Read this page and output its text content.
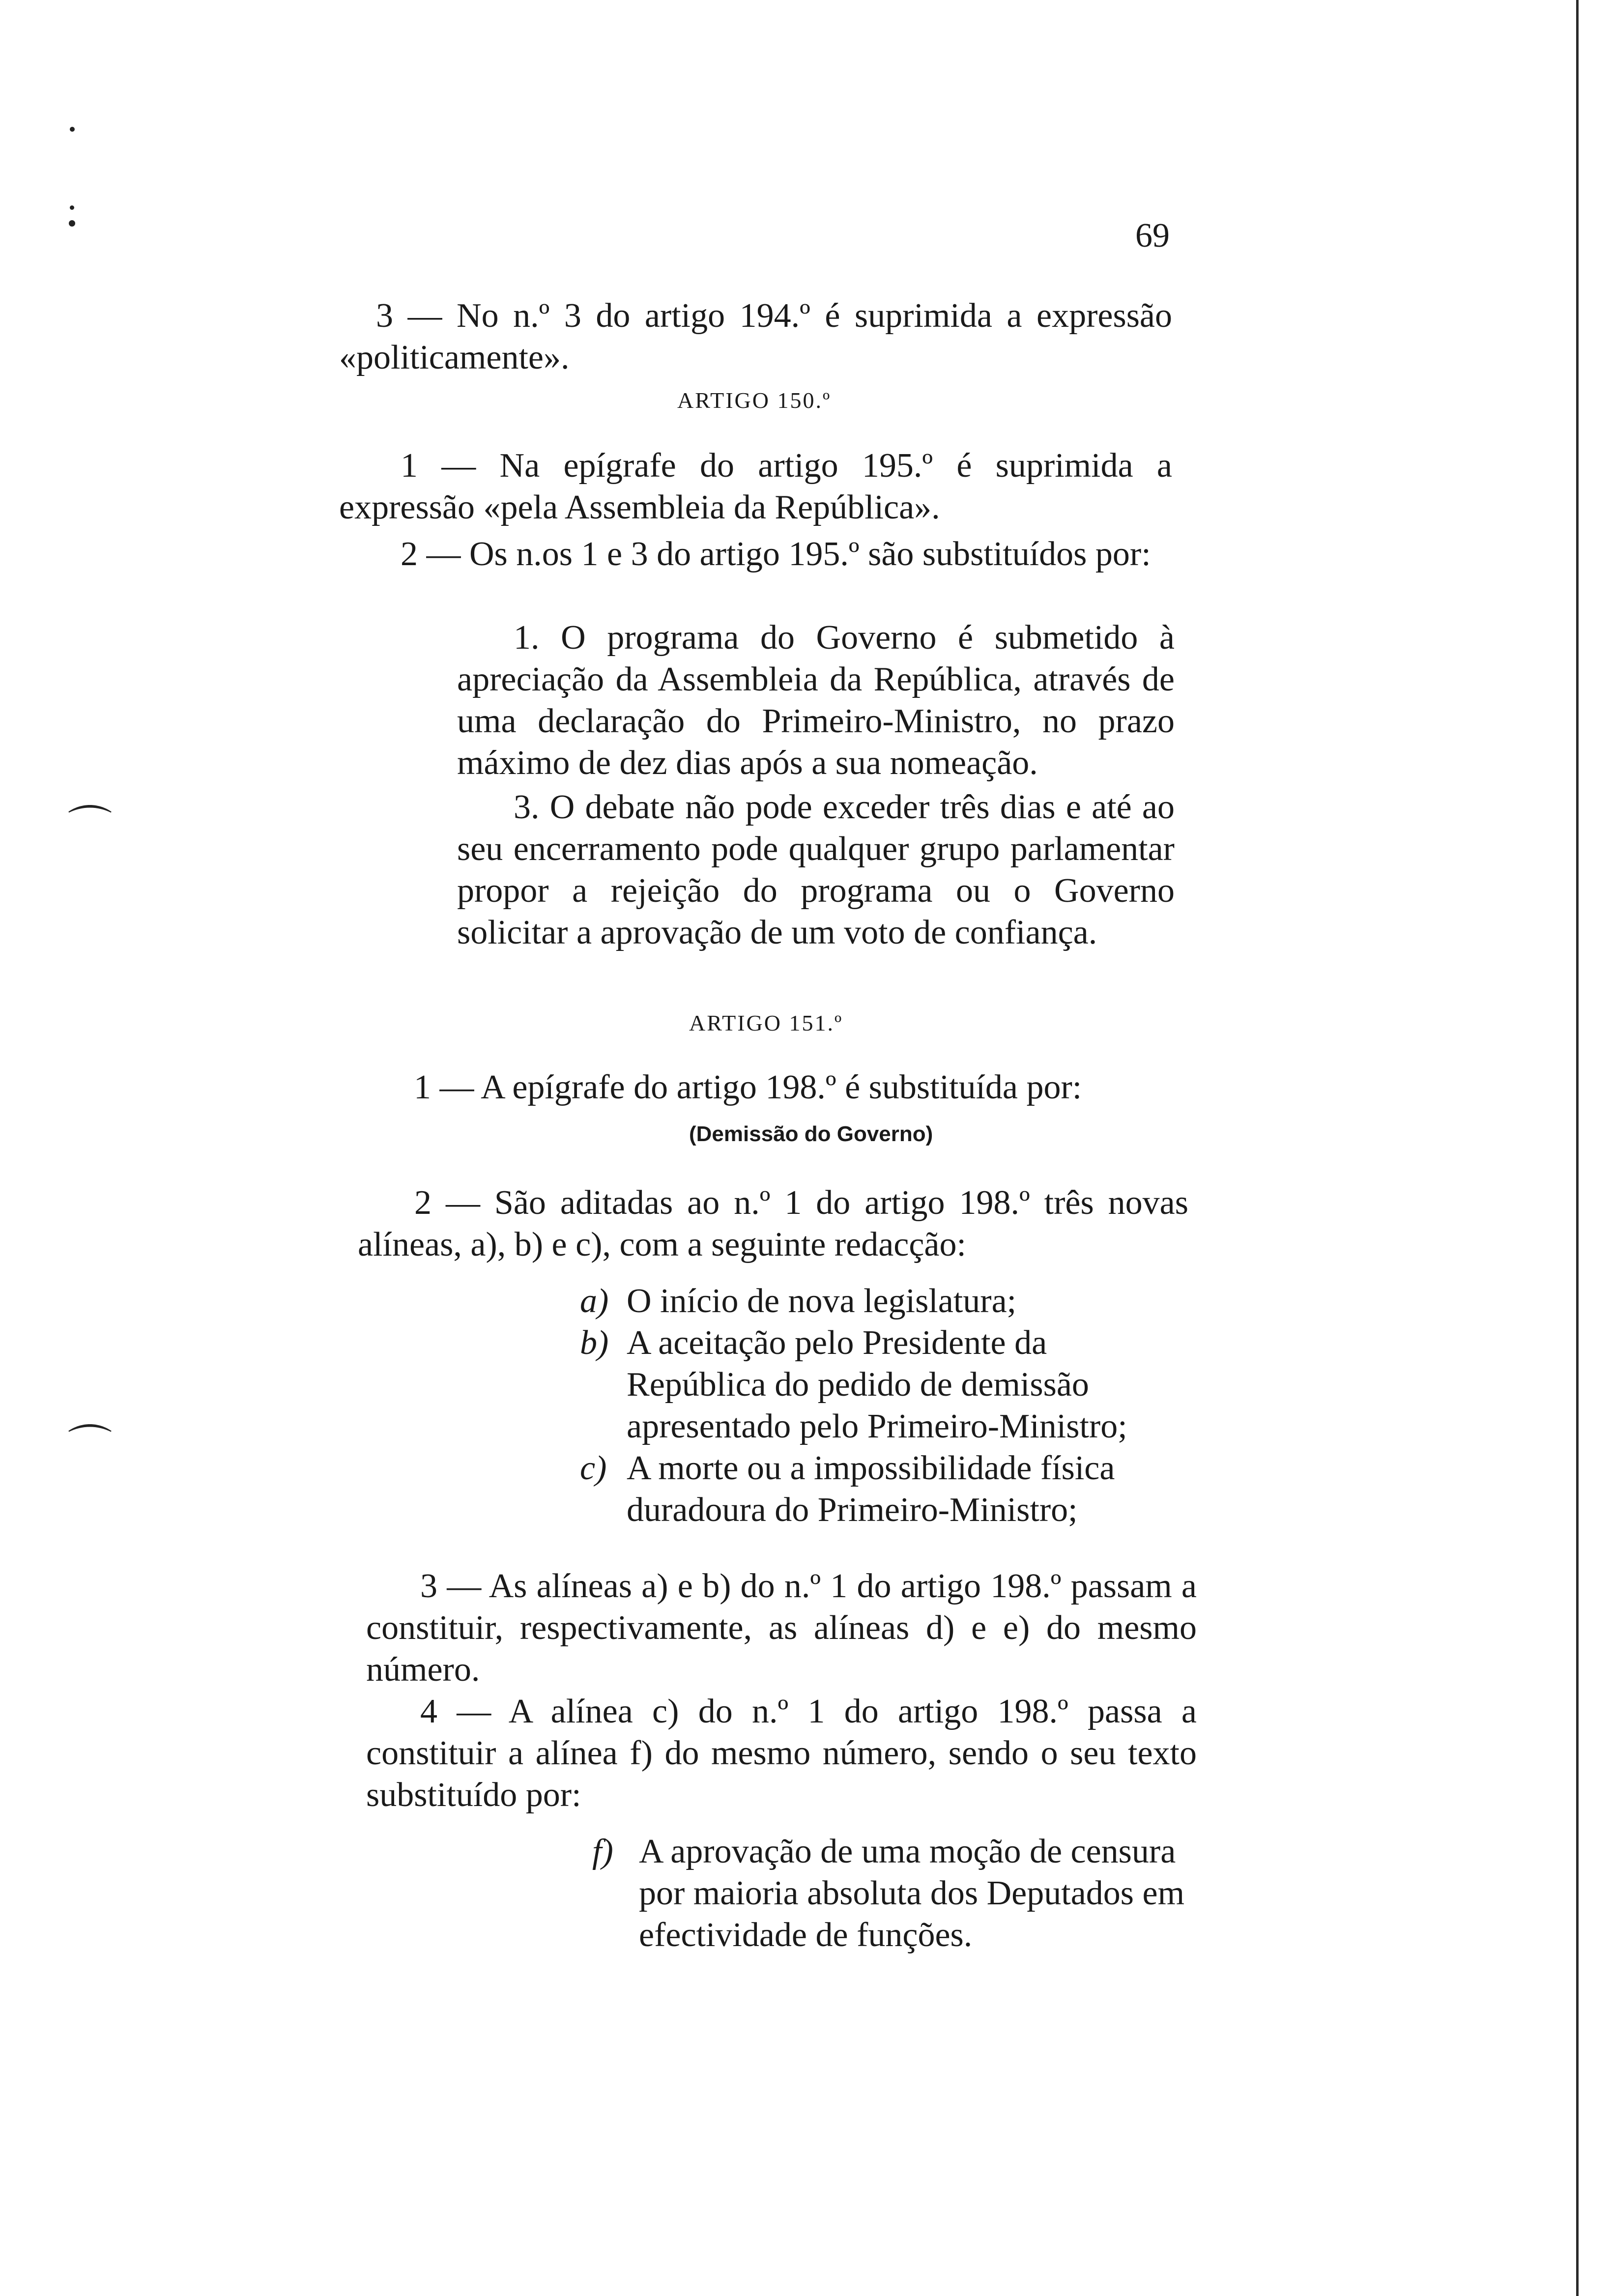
⌒
⌒
69
3 — No n.º 3 do artigo 194.º é suprimida a expressão «politicamente».
ARTIGO 150.º
1 — Na epígrafe do artigo 195.º é suprimida a expressão «pela Assembleia da República».
2 — Os n.os 1 e 3 do artigo 195.º são substituídos por:
1. O programa do Governo é submetido à apreciação da Assembleia da República, através de uma declaração do Primeiro-Ministro, no prazo máximo de dez dias após a sua nomeação.
3. O debate não pode exceder três dias e até ao seu encerramento pode qualquer grupo parlamentar propor a rejeição do programa ou o Governo solicitar a aprovação de um voto de confiança.
ARTIGO 151.º
1 — A epígrafe do artigo 198.º é substituída por:
(Demissão do Governo)
2 — São aditadas ao n.º 1 do artigo 198.º três novas alíneas, a), b) e c), com a seguinte redacção:
a) O início de nova legislatura;
b) A aceitação pelo Presidente da República do pedido de demissão apresentado pelo Primeiro-Ministro;
c) A morte ou a impossibilidade física duradoura do Primeiro-Ministro;
3 — As alíneas a) e b) do n.º 1 do artigo 198.º passam a constituir, respectivamente, as alíneas d) e e) do mesmo número.
4 — A alínea c) do n.º 1 do artigo 198.º passa a constituir a alínea f) do mesmo número, sendo o seu texto substituído por:
f) A aprovação de uma moção de censura por maioria absoluta dos Deputados em efectividade de funções.
